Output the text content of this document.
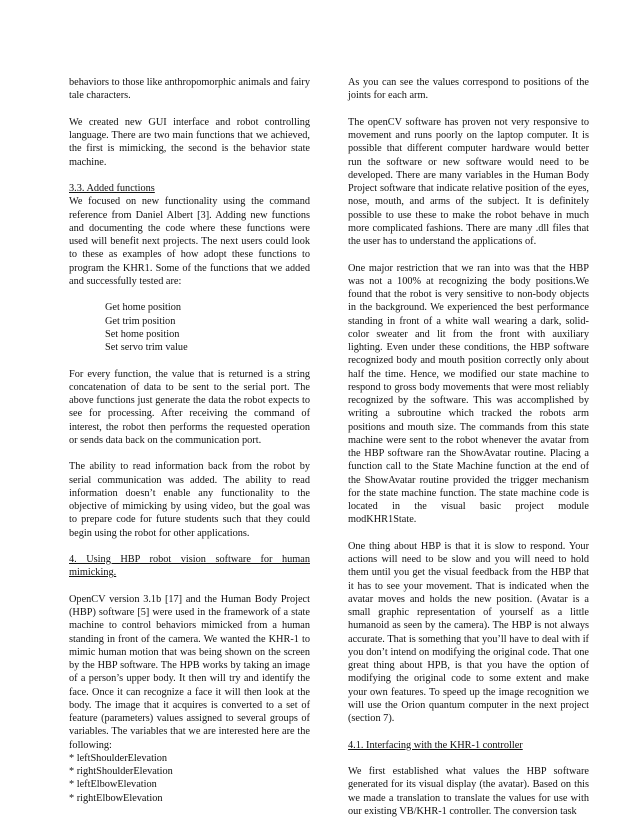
behaviors to those like anthropomorphic animals and fairy tale characters.

We created new GUI interface and robot controlling language. There are two main functions that we achieved, the first is mimicking, the second is the behavior state machine.

3.3. Added functions

We focused on new functionality using the command reference from Daniel Albert [3]. Adding new functions and documenting the code where these functions were used will benefit next projects. The next users could look to these as examples of how adopt these functions to program the KHR1. Some of the functions that we added and successfully tested are:

Get home position
Get trim position
Set home position
Set servo trim value

For every function, the value that is returned is a string concatenation of data to be sent to the serial port. The above functions just generate the data the robot expects to see for processing. After receiving the command of interest, the robot then performs the requested operation or sends data back on the communication port.

The ability to read information back from the robot by serial communication was added. The ability to read information doesn’t enable any functionality to the objective of mimicking by using video, but the goal was to prepare code for future students such that they could begin using the robot for other applications.

4. Using HBP robot vision software for human mimicking.

OpenCV version 3.1b [17] and the Human Body Project (HBP) software [5] were used in the framework of a state machine to control behaviors mimicked from a human standing in front of the camera. We wanted the KHR-1 to mimic human motion that was being shown on the screen by the HBP software. The HPB works by taking an image of a person’s upper body. It then will try and identify the face. Once it can recognize a face it will then look at the body. The image that it acquires is converted to a set of feature (parameters) values assigned to several groups of variables. The variables that we are interested here are the following:

* leftShoulderElevation
* rightShoulderElevation
* leftElbowElevation
* rightElbowElevation

As you can see the values correspond to positions of the joints for each arm.

The openCV software has proven not very responsive to movement and runs poorly on the laptop computer. It is possible that different computer hardware would better run the software or new software would need to be developed. There are many variables in the Human Body Project software that indicate relative position of the eyes, nose, mouth, and arms of the subject. It is definitely possible to use these to make the robot behave in much more complicated fashions. There are many .dll files that the user has to understand the applications of.

One major restriction that we ran into was that the HBP was not a 100% at recognizing the body positions.We found that the robot is very sensitive to non-body objects in the background. We experienced the best performance standing in front of a white wall wearing a dark, solid-color sweater and lit from the front with auxiliary lighting. Even under these conditions, the HBP software recognized body and mouth position correctly only about half the time. Hence, we modified our state machine to respond to gross body movements that were most reliably recognized by the software. This was accomplished by writing a subroutine which tracked the robots arm positions and mouth size. The commands from this state machine were sent to the robot whenever the avatar from the HBP software ran the ShowAvatar routine. Placing a function call to the State Machine function at the end of the ShowAvatar routine provided the trigger mechanism for the state machine function. The state machine code is located in the visual basic project module modKHR1State.

One thing about HBP is that it is slow to respond. Your actions will need to be slow and you will need to hold them until you get the visual feedback from the HBP that it has to see your movement. That is indicated when the avatar moves and holds the new position. (Avatar is a small graphic representation of yourself as a little humanoid as seen by the camera). The HBP is not always accurate. That is something that you’ll have to deal with if you don’t intend on modifying the original code. That one great thing about HPB, is that you have the option of modifying the original code to some extent and make your own features. To speed up the image recognition we will use the Orion quantum computer in the next project (section 7).

4.1. Interfacing with the KHR-1 controller

We first established what values the HBP software generated for its visual display (the avatar). Based on this we made a translation to translate the values for use with our existing VB/KHR-1 controller. The conversion task
